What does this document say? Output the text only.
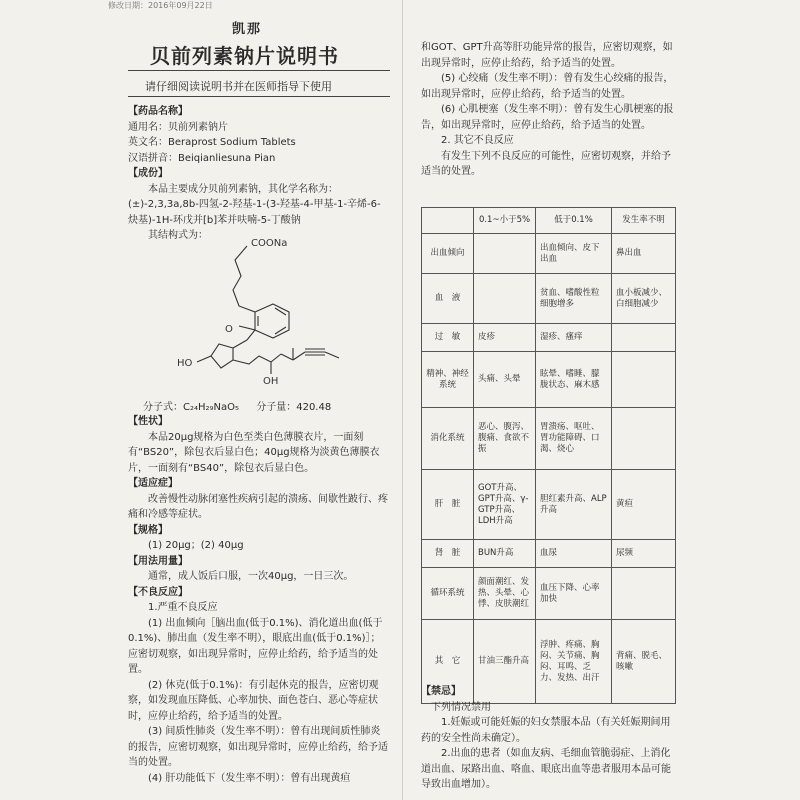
修改日期：2016年09月22日
凯那
贝前列素钠片说明书
请仔细阅读说明书并在医师指导下使用

【药品名称】

通用名：贝前列素钠片

英文名：Beraprost Sodium Tablets

汉语拼音：Beiqianliesuna Pian

【成份】

本品主要成分贝前列素钠，其化学名称为：(±)-2,3,3a,8b-四氢-2-羟基-1-(3-羟基-4-甲基-1-辛烯-6-炔基)-1H-环戊并[b]苯并呋喃-5-丁酸钠

其结构式为：

COONa
O
HO
OH
分子式：C₂₄H₂₉NaO₅ 分子量：420.48

【性状】

本品20μg规格为白色至类白色薄膜衣片，一面刻有“BS20”，除包衣后显白色；40μg规格为淡黄色薄膜衣片，一面刻有“BS40”，除包衣后显白色。

【适应症】

改善慢性动脉闭塞性疾病引起的溃疡、间歇性跛行、疼痛和冷感等症状。

【规格】

(1) 20μg；(2) 40μg

【用法用量】

通常，成人饭后口服，一次40μg，一日三次。

【不良反应】

1.严重不良反应

(1) 出血倾向［脑出血(低于0.1%)、消化道出血(低于0.1%)、肺出血（发生率不明），眼底出血(低于0.1%)］；应密切观察，如出现异常时，应停止给药，给予适当的处置。

(2) 休克(低于0.1%)：有引起休克的报告，应密切观察，如发现血压降低、心率加快、面色苍白、恶心等症状时，应停止给药，给予适当的处置。

(3) 间质性肺炎（发生率不明）：曾有出现间质性肺炎的报告，应密切观察，如出现异常时，应停止给药，给予适当的处置。

(4) 肝功能低下（发生率不明）：曾有出现黄疸

和GOT、GPT升高等肝功能异常的报告，应密切观察，如出现异常时，应停止给药，给予适当的处置。

(5) 心绞痛（发生率不明）：曾有发生心绞痛的报告，如出现异常时，应停止给药，给予适当的处置。

(6) 心肌梗塞（发生率不明）：曾有发生心肌梗塞的报告，如出现异常时，应停止给药，给予适当的处置。

2. 其它不良反应

有发生下列不良反应的可能性，应密切观察，并给予适当的处置。

	0.1~小于5%	低于0.1%	发生率不明
出血倾向		出血倾向、皮下出血	鼻出血
血　液		贫血、嗜酸性粒细胞增多	血小板减少、白细胞减少
过　敏	皮疹	湿疹、瘙痒	
精神、神经系统	头痛、头晕	眩晕、嗜睡、朦胧状态、麻木感	
消化系统	恶心、腹泻、腹痛、食欲不振	胃溃疡、呕吐、胃功能障碍、口渴、烧心	
肝　脏	GOT升高、GPT升高、γ-GTP升高、LDH升高	胆红素升高、ALP升高	黄疸
肾　脏	BUN升高	血尿	尿频
循环系统	颜面潮红、发热、头晕、心悸、皮肤潮红	血压下降、心率加快	
其　它	甘油三酯升高	浮肿、疼痛、胸闷、关节痛、胸闷、耳鸣、乏力、发热、出汗	背痛、脱毛、咳嗽

【禁忌】

下列情况禁用

1.妊娠或可能妊娠的妇女禁服本品（有关妊娠期间用药的安全性尚未确定）。

2.出血的患者（如血友病、毛细血管脆弱症、上消化道出血、尿路出血、咯血、眼底出血等患者服用本品可能导致出血增加）。
